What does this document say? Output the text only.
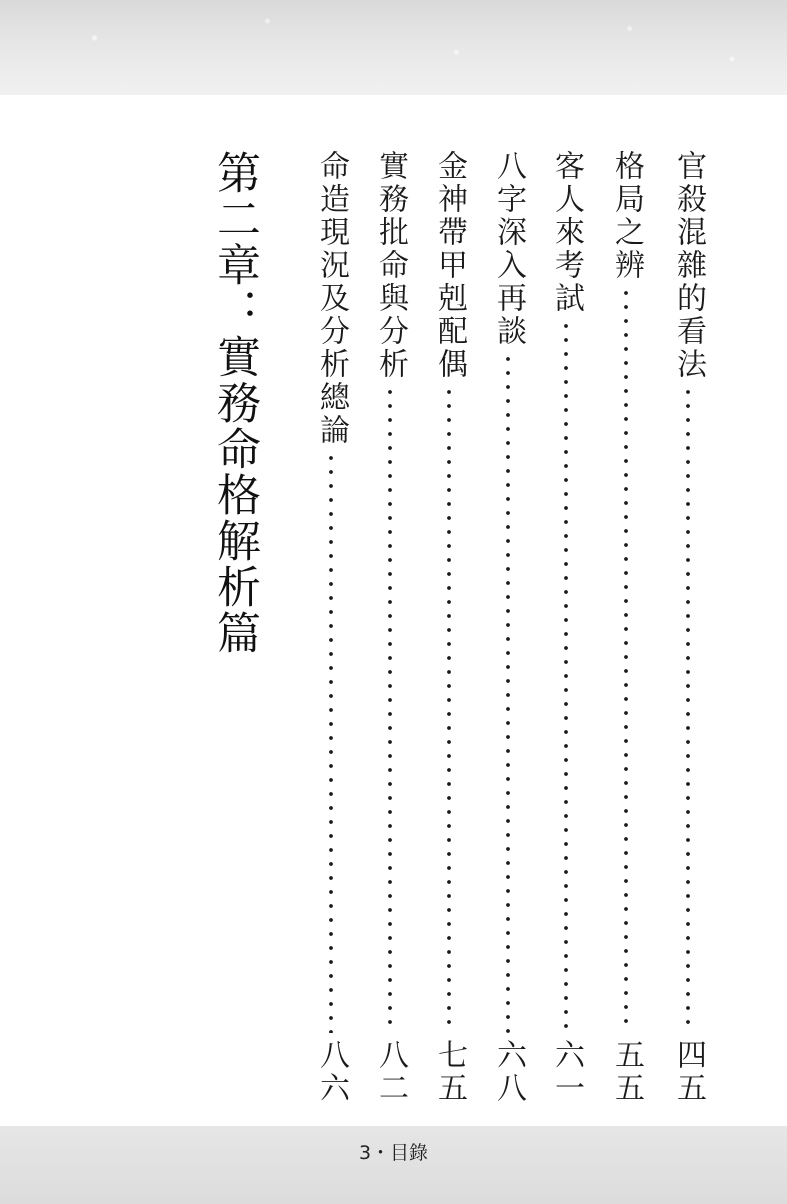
官殺混雜的看法
四五
格局之辨
五五
客人來考試
六一
八字深入再談
六八
金神帶甲剋配偶
七五
實務批命與分析
八二
命造現況及分析總論
八六
第二章：實務命格解析篇
3・目錄
